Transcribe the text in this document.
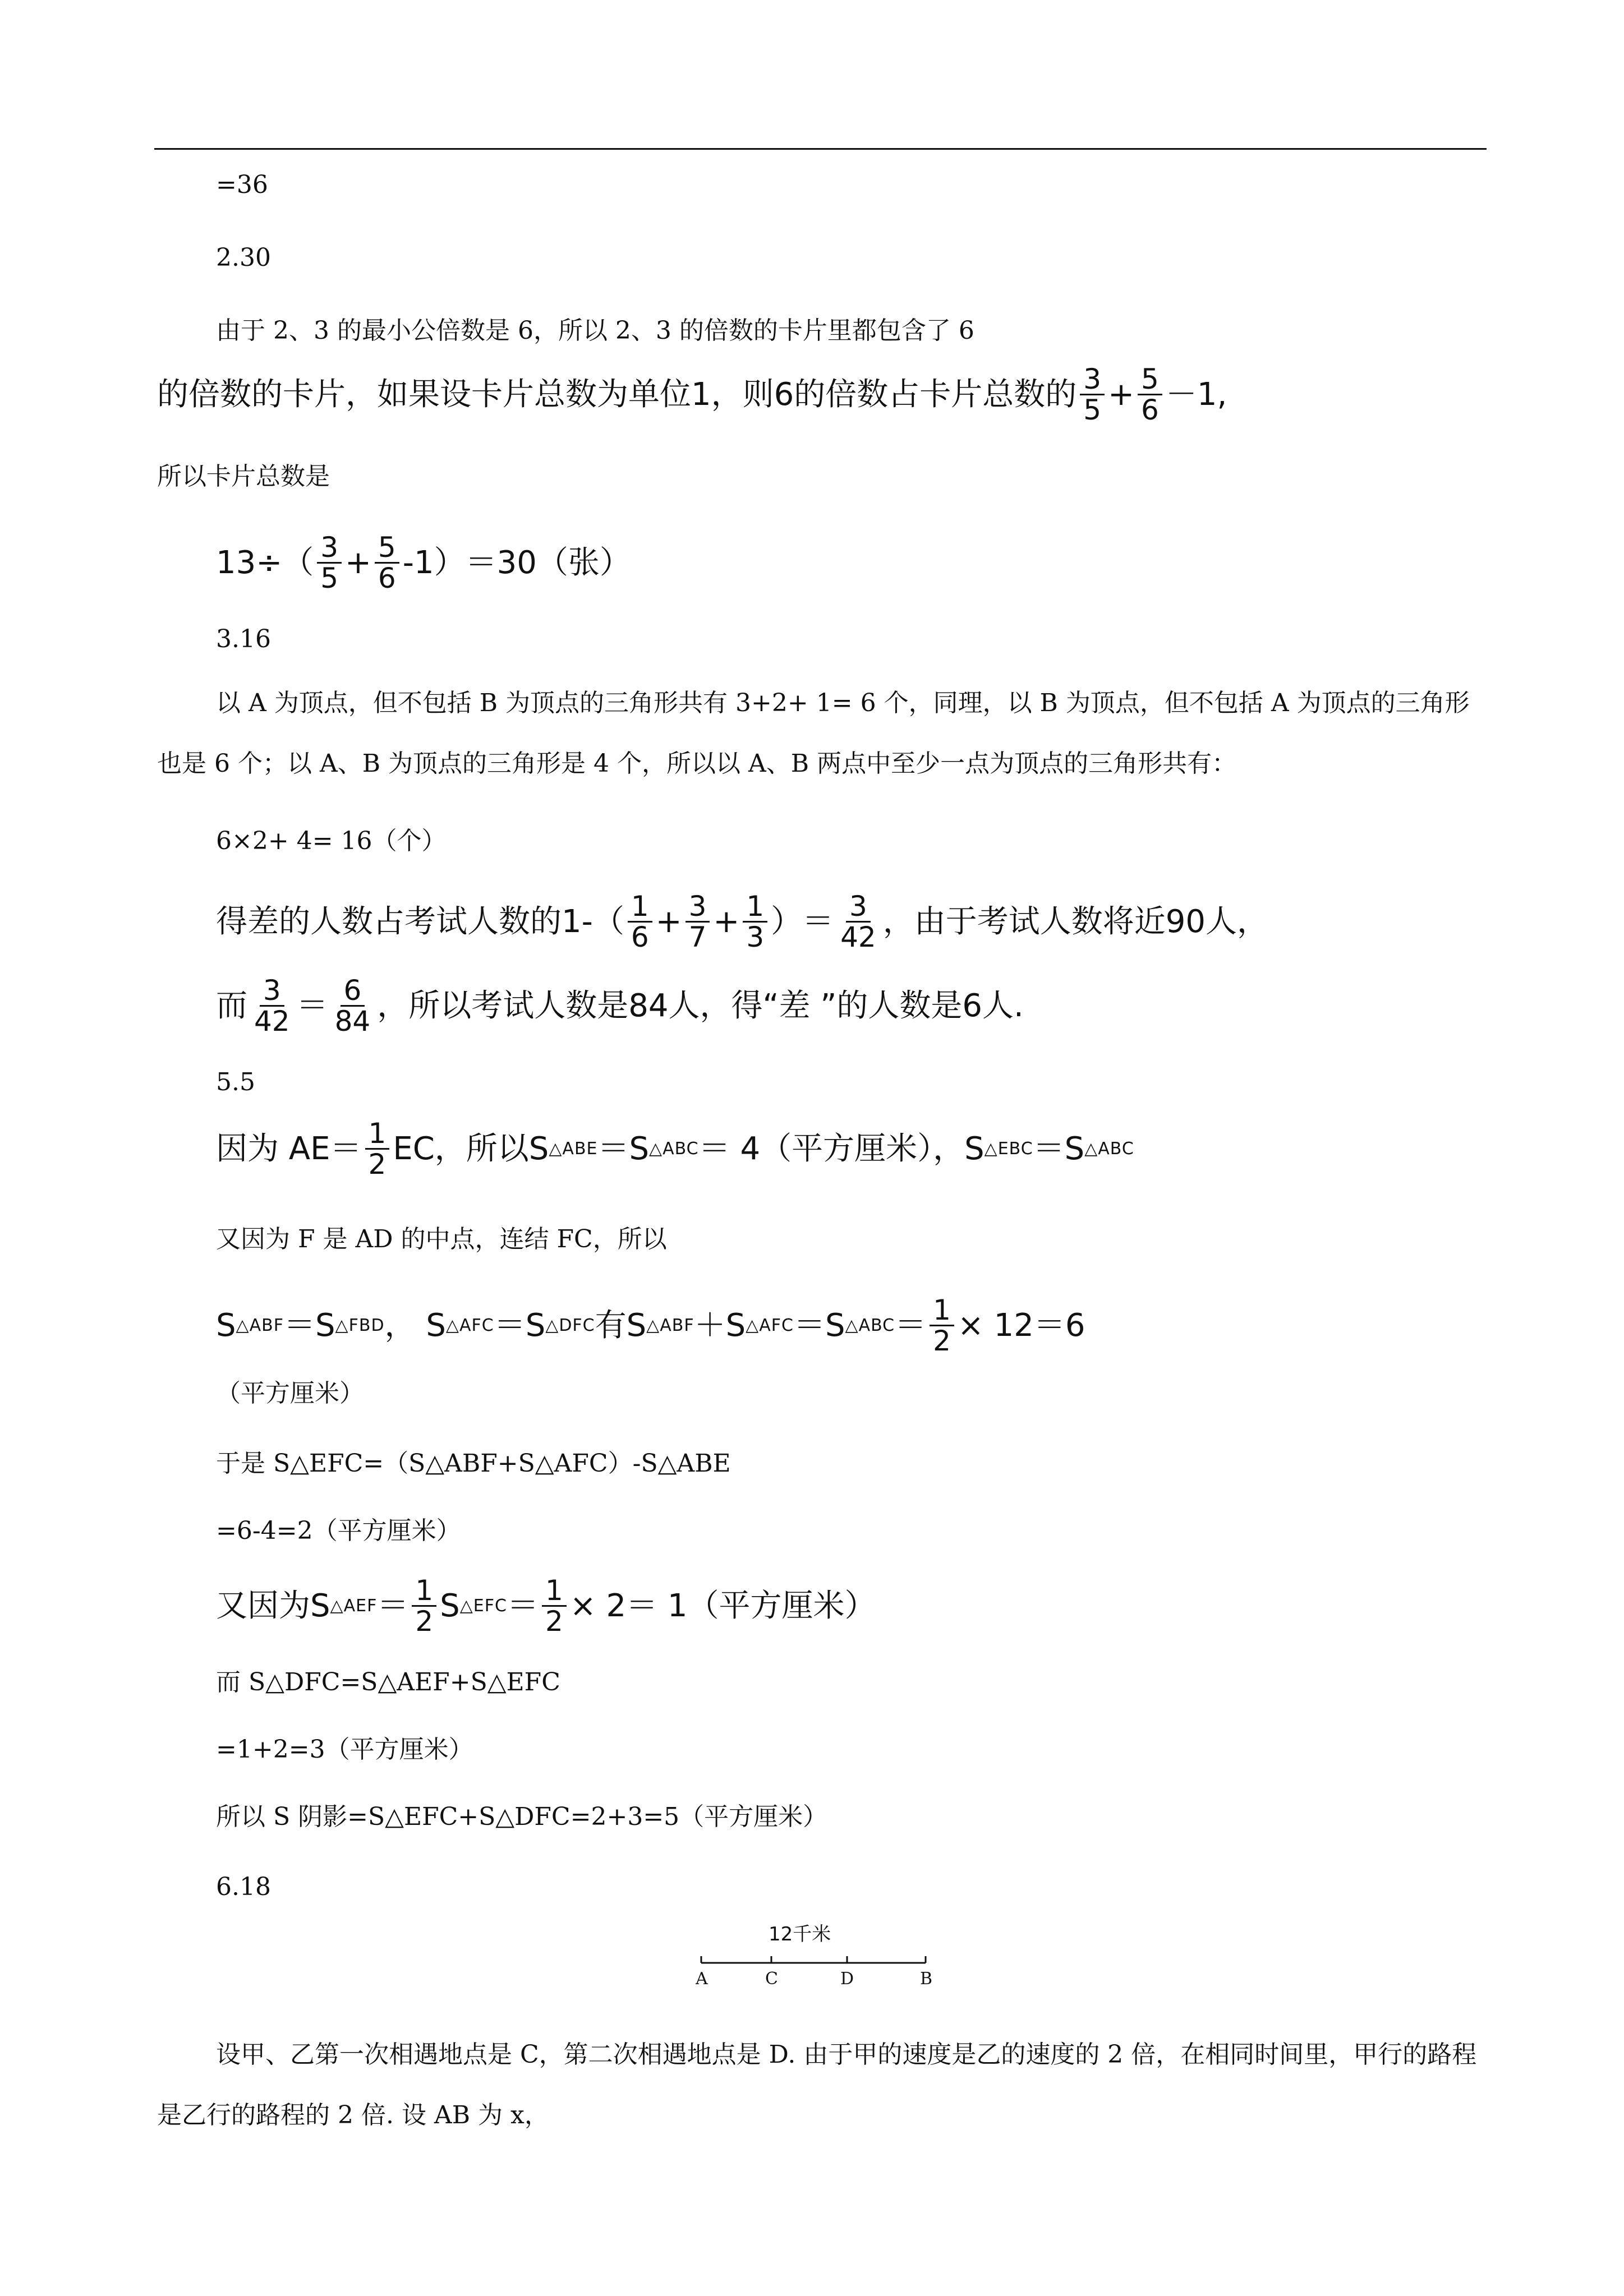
=36
2.30
由于 2、3 的最小公倍数是 6，所以 2、3 的倍数的卡片里都包含了 6
的倍数的卡片，如果设卡片总数为单位1，则6的倍数占卡片总数的 $\frac{3}{5} + \frac{5}{6} -1$,
所以卡片总数是
$13\div( \frac{3}{5} + \frac{5}{6} -1)=30$（张）
3.16
以 A 为顶点，但不包括 B 为顶点的三角形共有 3+2+ 1= 6 个，同理，以 B 为顶点，但不包括 A 为顶点的三角形也是 6 个；以 A、B 为顶点的三角形是 4 个，所以以 A、B 两点中至少一点为顶点的三角形共有：
6×2+ 4= 16（个）
得差的人数占考试人数的$1-( \frac{1}{6} + \frac{3}{7} + \frac{1}{3}$ ）＝ $\frac{3}{42}$ ，由于考试人数将近90人，
而 $\frac{3}{42} = \frac{6}{84}$ ，所以考试人数是84人，得“差 ”的人数是6人.
5.5
因为 $AE= \frac{1}{2}$ EC，所以S △ABE ＝S △ABC ＝ 4（平方厘米），S △EBC ＝S △ABC
又因为 F 是 AD 的中点，连结 FC，所以
S △ABF ＝S △FBD ， S △AFC ＝S △DFC 有S △ABF ＋S △AFC ＝S △ABC ＝ $\frac{1}{2} \times 12=6$
（平方厘米）
于是 S△EFC=（S△ABF+S△AFC）-S△ABE
=6-4=2（平方厘米）
又因为S △AEF ＝ $\frac{1}{2}$ S △EFC ＝ $\frac{1}{2} \times 2= 1$（平方厘米）
而 S△DFC=S△AEF+S△EFC
=1+2=3（平方厘米）
所以 S 阴影=S△EFC+S△DFC=2+3=5（平方厘米）
6.18
12千米
A	C	D	B
设甲、乙第一次相遇地点是 C，第二次相遇地点是 D. 由于甲的速度是乙的速度的 2 倍，在相同时间里，甲行的路程是乙行的路程的 2 倍. 设 AB 为 x，
